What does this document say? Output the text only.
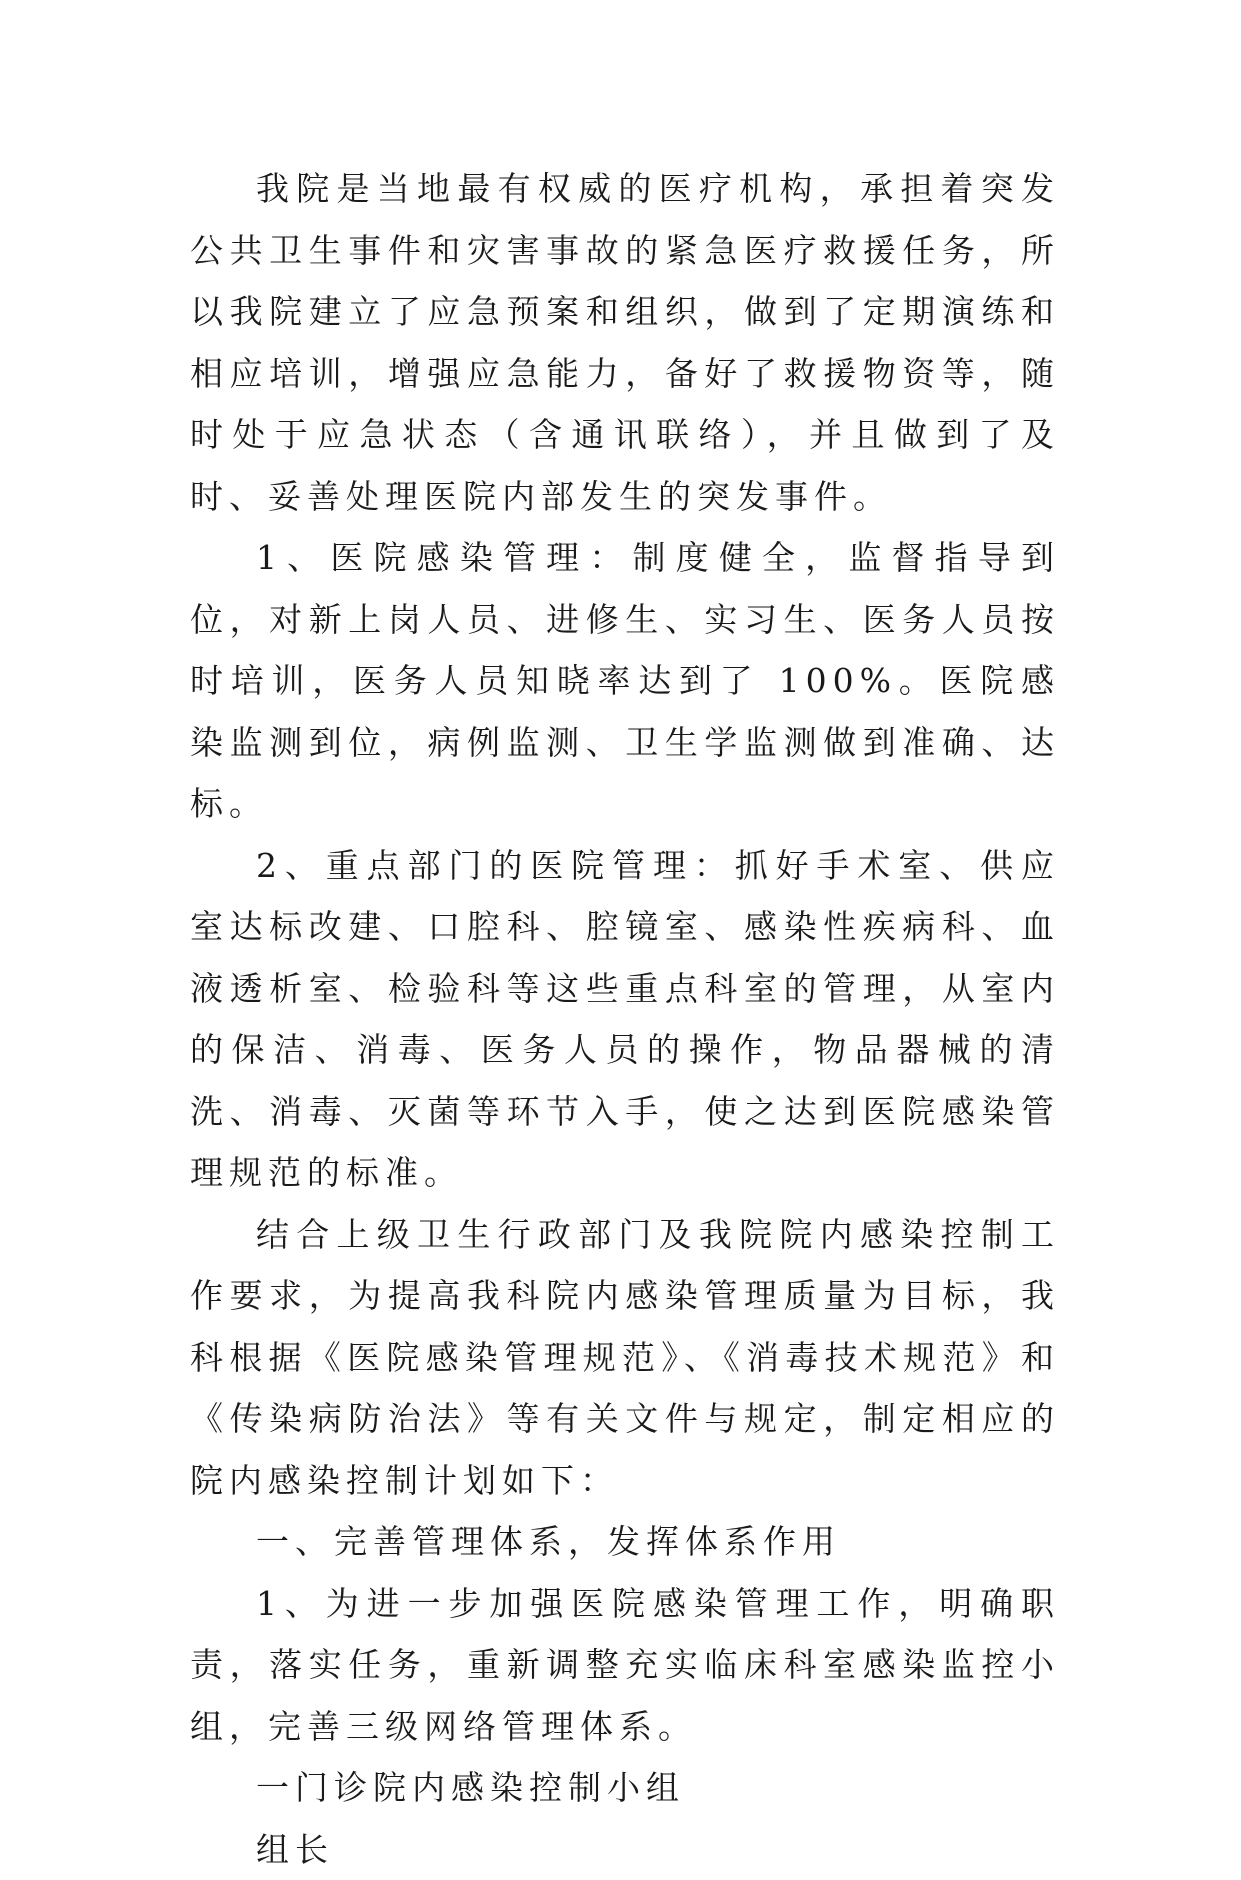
我院是当地最有权威的医疗机构，承担着突发公共卫生事件和灾害事故的紧急医疗救援任务，所以我院建立了应急预案和组织，做到了定期演练和相应培训，增强应急能力，备好了救援物资等，随时处于应急状态（含通讯联络），并且做到了及时、妥善处理医院内部发生的突发事件。

1、医院感染管理：制度健全，监督指导到位，对新上岗人员、进修生、实习生、医务人员按时培训，医务人员知晓率达到了 100%。医院感染监测到位，病例监测、卫生学监测做到准确、达标。

2、重点部门的医院管理：抓好手术室、供应室达标改建、口腔科、腔镜室、感染性疾病科、血液透析室、检验科等这些重点科室的管理，从室内的保洁、消毒、医务人员的操作，物品器械的清洗、消毒、灭菌等环节入手，使之达到医院感染管理规范的标准。

结合上级卫生行政部门及我院院内感染控制工作要求，为提高我科院内感染管理质量为目标，我科根据《医院感染管理规范》、《消毒技术规范》和《传染病防治法》等有关文件与规定，制定相应的院内感染控制计划如下：

一、完善管理体系，发挥体系作用

1、为进一步加强医院感染管理工作，明确职责，落实任务，重新调整充实临床科室感染监控小组，完善三级网络管理体系。

一门诊院内感染控制小组

组长
